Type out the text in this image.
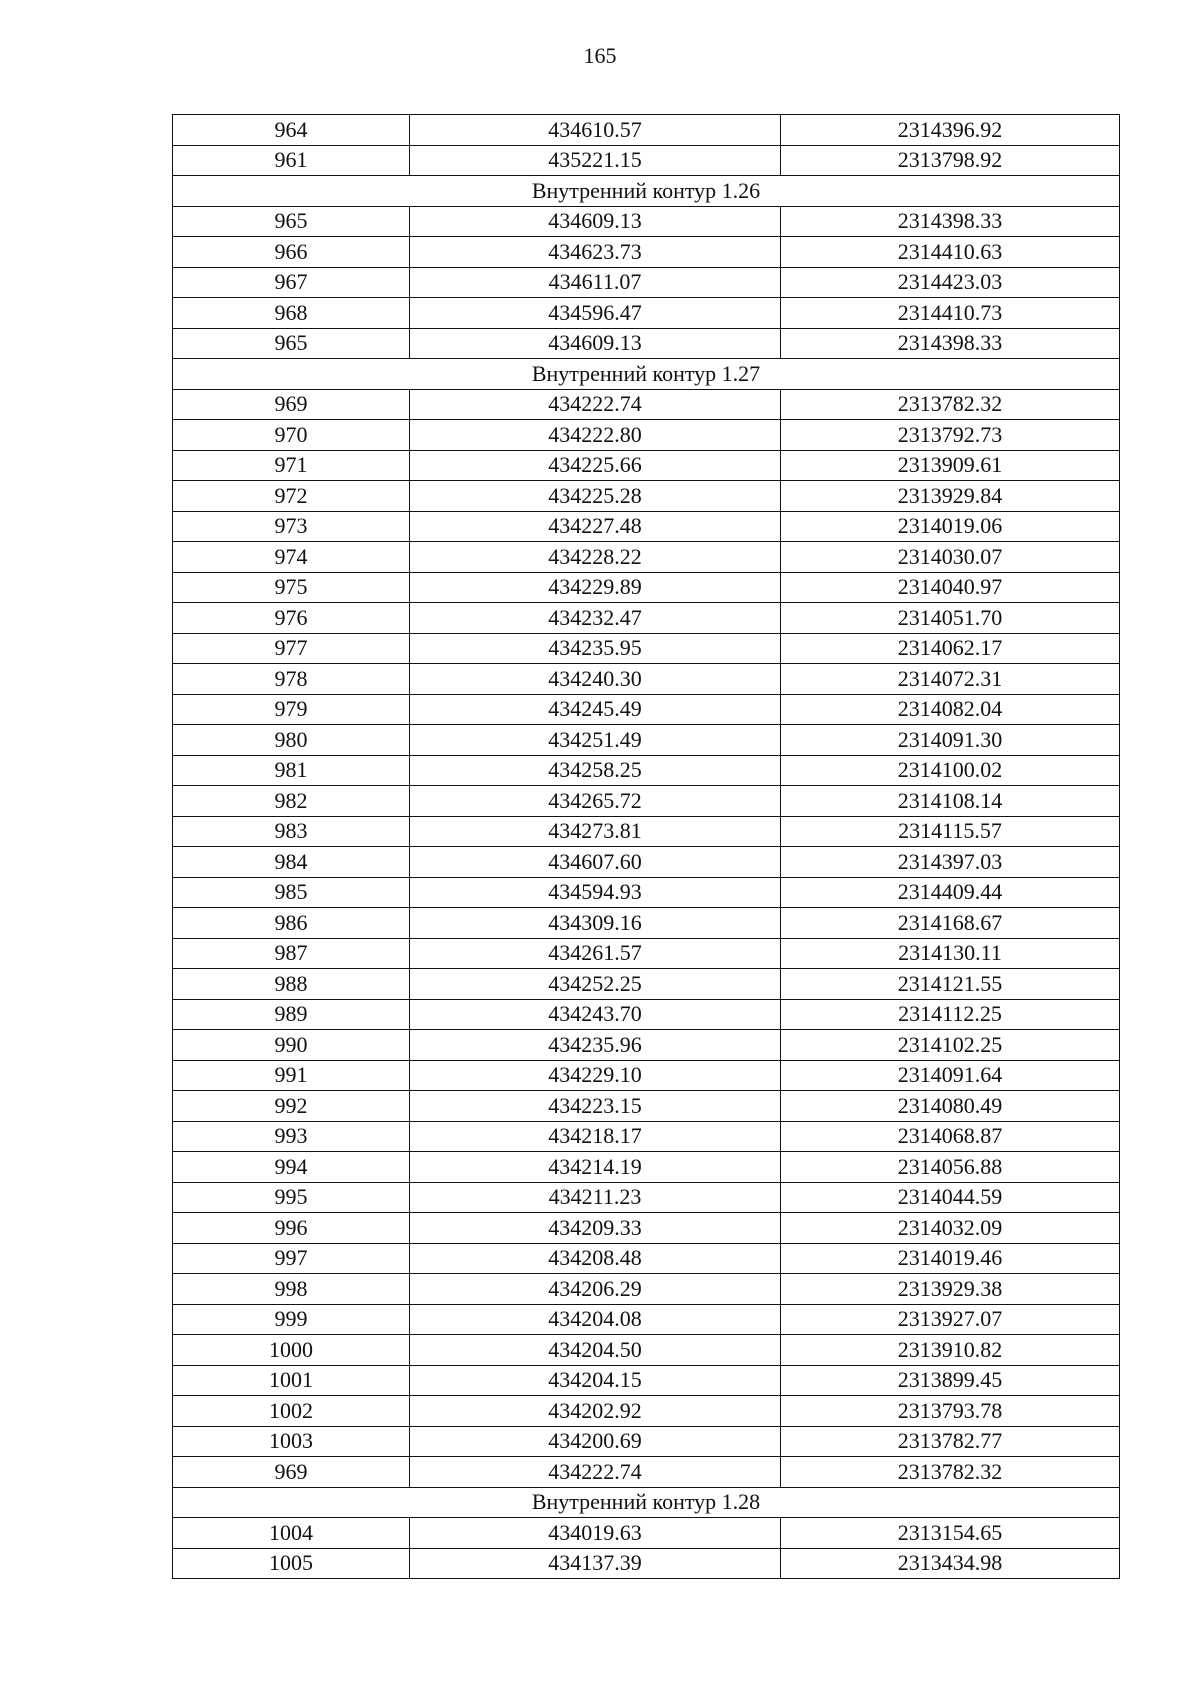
165
964	434610.57	2314396.92
961	435221.15	2313798.92
Внутренний контур 1.26		
965	434609.13	2314398.33
966	434623.73	2314410.63
967	434611.07	2314423.03
968	434596.47	2314410.73
965	434609.13	2314398.33
Внутренний контур 1.27		
969	434222.74	2313782.32
970	434222.80	2313792.73
971	434225.66	2313909.61
972	434225.28	2313929.84
973	434227.48	2314019.06
974	434228.22	2314030.07
975	434229.89	2314040.97
976	434232.47	2314051.70
977	434235.95	2314062.17
978	434240.30	2314072.31
979	434245.49	2314082.04
980	434251.49	2314091.30
981	434258.25	2314100.02
982	434265.72	2314108.14
983	434273.81	2314115.57
984	434607.60	2314397.03
985	434594.93	2314409.44
986	434309.16	2314168.67
987	434261.57	2314130.11
988	434252.25	2314121.55
989	434243.70	2314112.25
990	434235.96	2314102.25
991	434229.10	2314091.64
992	434223.15	2314080.49
993	434218.17	2314068.87
994	434214.19	2314056.88
995	434211.23	2314044.59
996	434209.33	2314032.09
997	434208.48	2314019.46
998	434206.29	2313929.38
999	434204.08	2313927.07
1000	434204.50	2313910.82
1001	434204.15	2313899.45
1002	434202.92	2313793.78
1003	434200.69	2313782.77
969	434222.74	2313782.32
Внутренний контур 1.28		
1004	434019.63	2313154.65
1005	434137.39	2313434.98
